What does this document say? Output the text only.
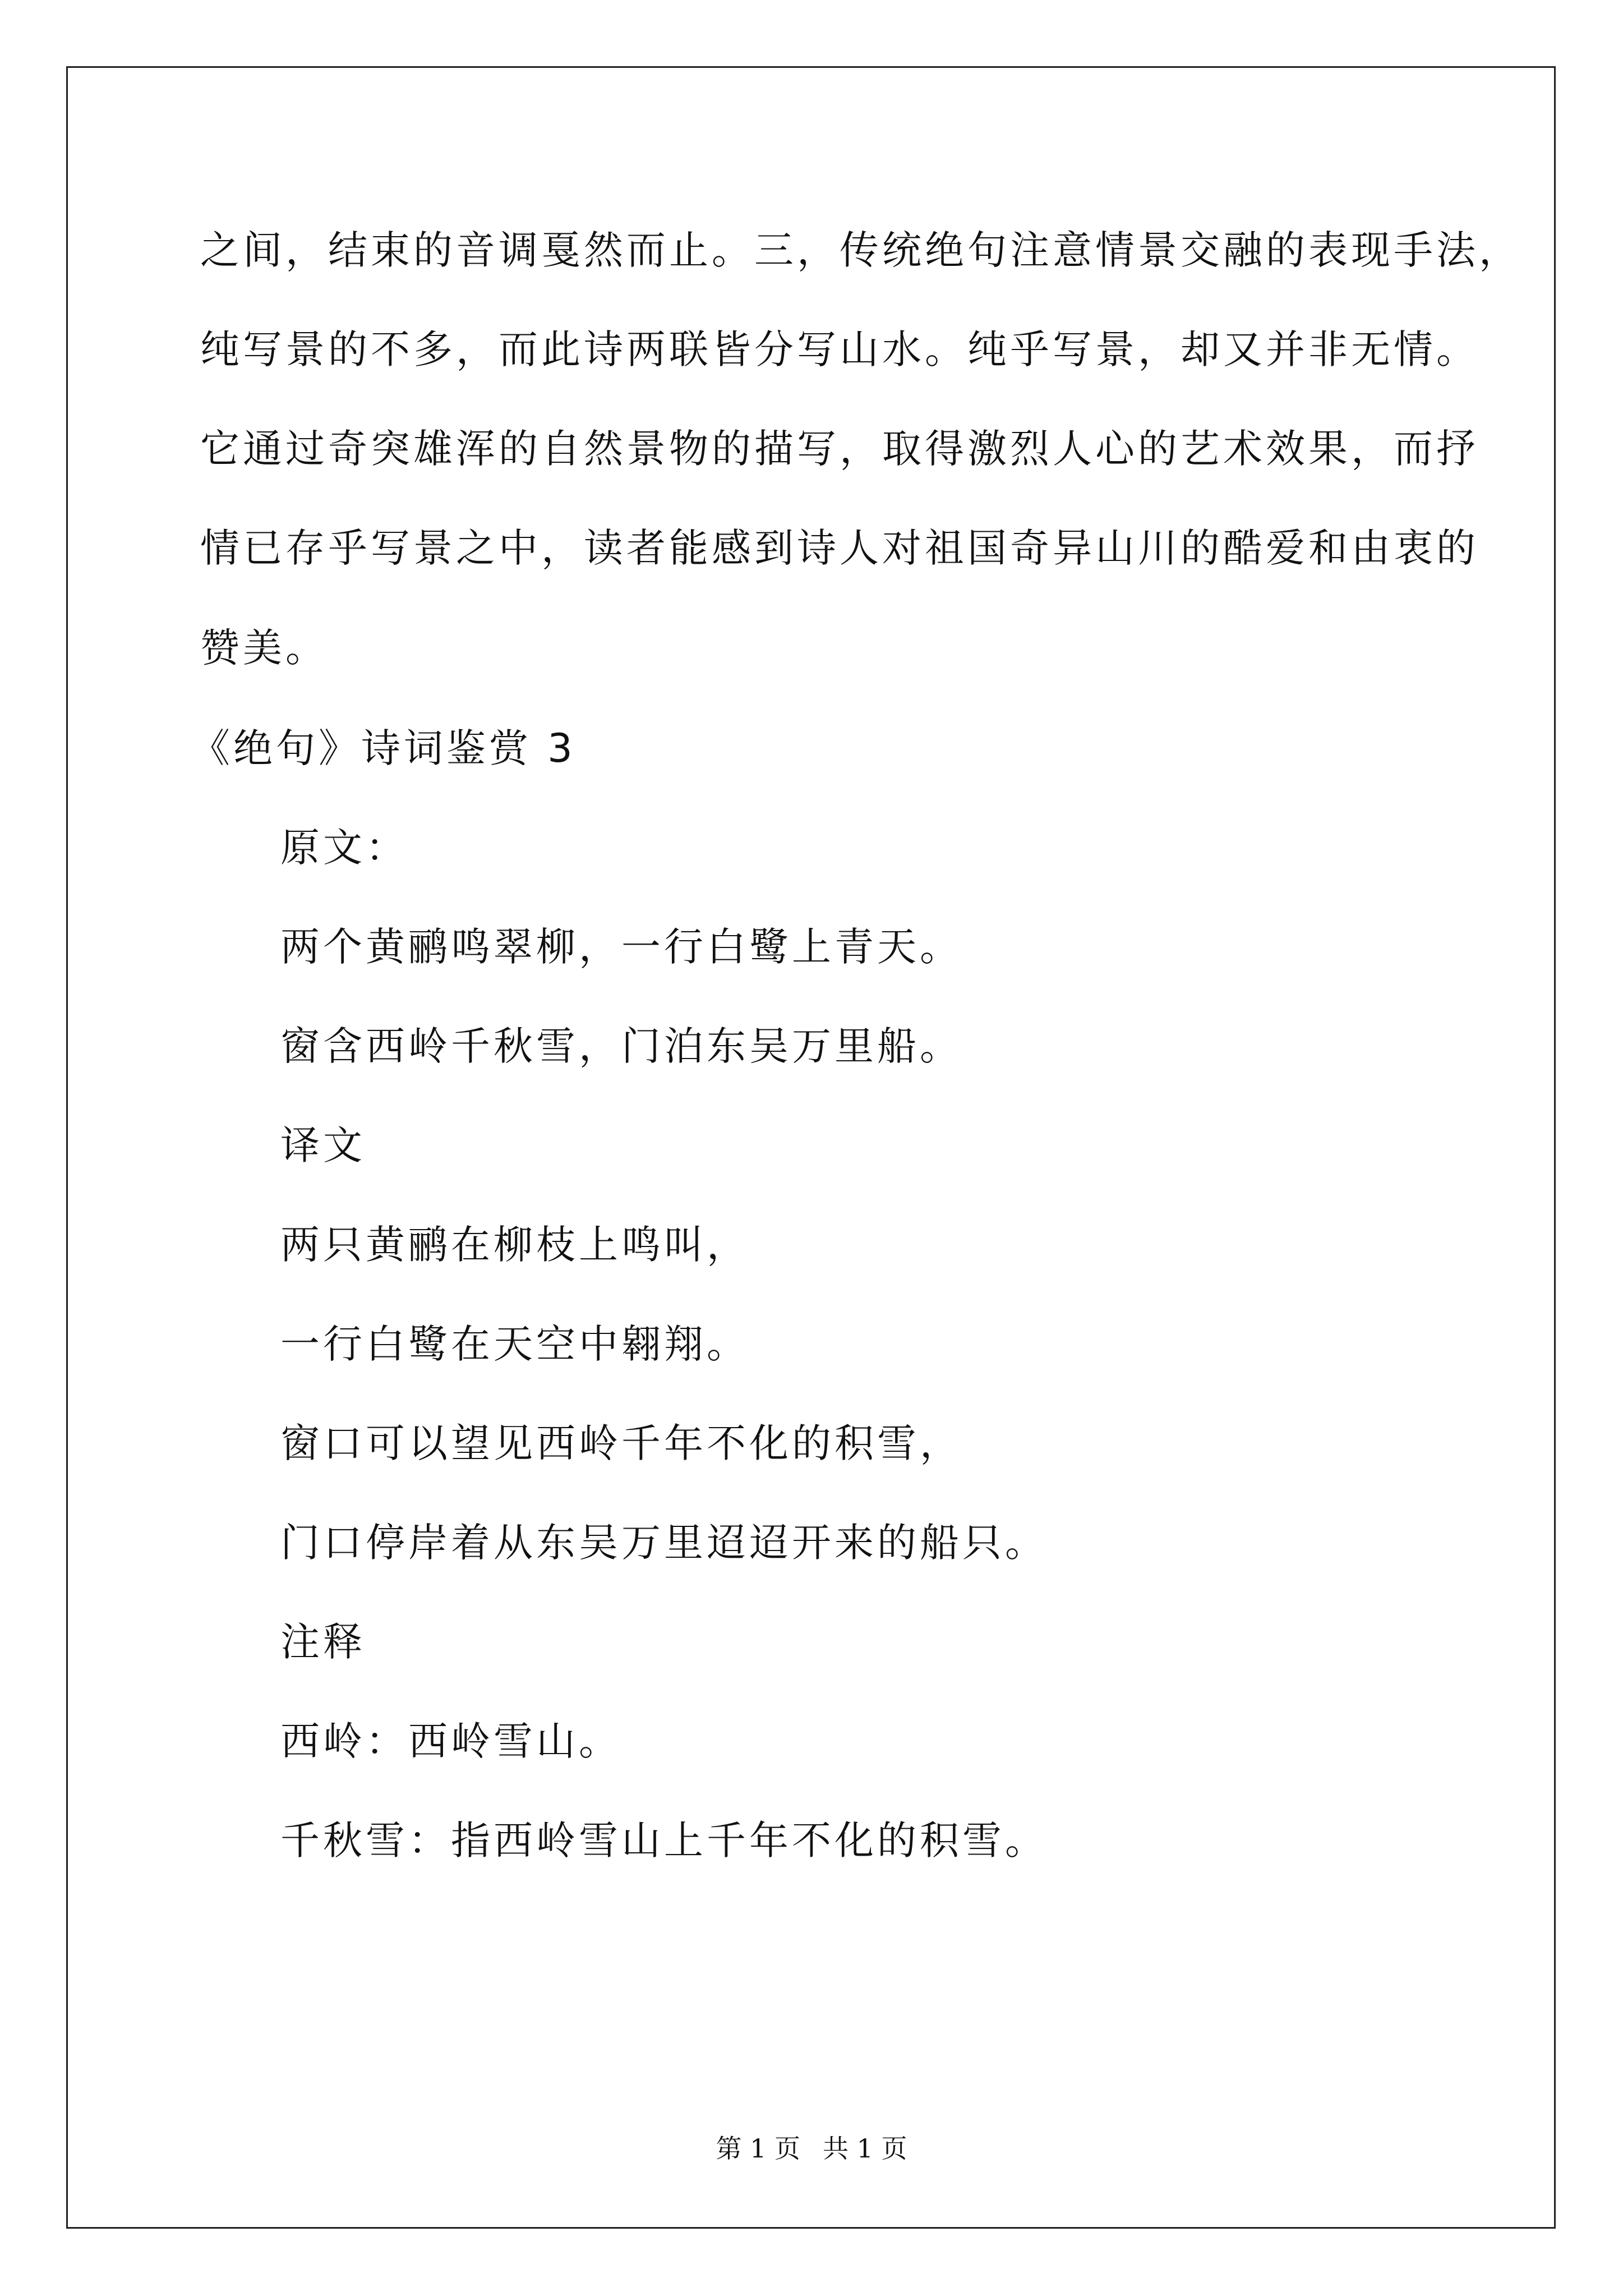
之间，结束的音调戛然而止。三，传统绝句注意情景交融的表现手法，
纯写景的不多，而此诗两联皆分写山水。纯乎写景，却又并非无情。
它通过奇突雄浑的自然景物的描写，取得激烈人心的艺术效果，而抒
情已存乎写景之中，读者能感到诗人对祖国奇异山川的酷爱和由衷的
赞美。
《绝句》诗词鉴赏 3
原文：
两个黄鹂鸣翠柳，一行白鹭上青天。
窗含西岭千秋雪，门泊东吴万里船。
译文
两只黄鹂在柳枝上鸣叫，
一行白鹭在天空中翱翔。
窗口可以望见西岭千年不化的积雪，
门口停岸着从东吴万里迢迢开来的船只。
注释
西岭：西岭雪山。
千秋雪：指西岭雪山上千年不化的积雪。
第 1 页 共 1 页
